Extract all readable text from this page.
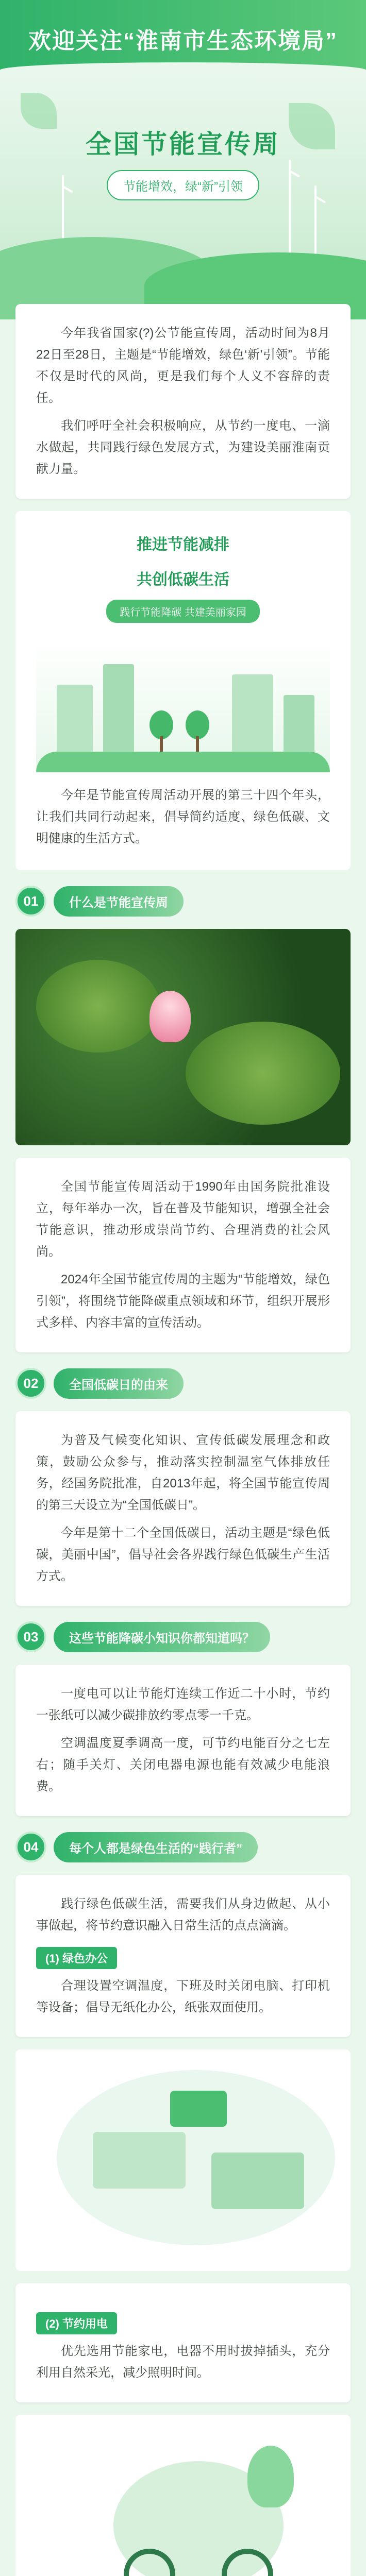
欢迎关注“淮南市生态环境局”
全国节能宣传周
节能增效，绿“新”引领

今年我省国家(?)公节能宣传周，活动时间为8月22日至28日，主题是“节能增效，绿色‘新’引领”。节能不仅是时代的风尚，更是我们每个人义不容辞的责任。

我们呼吁全社会积极响应，从节约一度电、一滴水做起，共同践行绿色发展方式，为建设美丽淮南贡献力量。

推进节能减排
共创低碳生活
践行节能降碳 共建美丽家园

今年是节能宣传周活动开展的第三十四个年头，让我们共同行动起来，倡导简约适度、绿色低碳、文明健康的生活方式。

01	什么是节能宣传周

全国节能宣传周活动于1990年由国务院批准设立，每年举办一次，旨在普及节能知识，增强全社会节能意识，推动形成崇尚节约、合理消费的社会风尚。

2024年全国节能宣传周的主题为“节能增效，绿色引领”，将围绕节能降碳重点领域和环节，组织开展形式多样、内容丰富的宣传活动。

02	全国低碳日的由来

为普及气候变化知识、宣传低碳发展理念和政策，鼓励公众参与，推动落实控制温室气体排放任务，经国务院批准，自2013年起，将全国节能宣传周的第三天设立为“全国低碳日”。

今年是第十二个全国低碳日，活动主题是“绿色低碳，美丽中国”，倡导社会各界践行绿色低碳生产生活方式。

03	这些节能降碳小知识你都知道吗？

一度电可以让节能灯连续工作近二十小时，节约一张纸可以减少碳排放约零点零一千克。

空调温度夏季调高一度，可节约电能百分之七左右；随手关灯、关闭电器电源也能有效减少电能浪费。

04	每个人都是绿色生活的“践行者”

践行绿色低碳生活，需要我们从身边做起、从小事做起，将节约意识融入日常生活的点点滴滴。

(1) 绿色办公

合理设置空调温度，下班及时关闭电脑、打印机等设备；倡导无纸化办公，纸张双面使用。

(2) 节约用电

优先选用节能家电，电器不用时拔掉插头，充分利用自然采光，减少照明时间。
